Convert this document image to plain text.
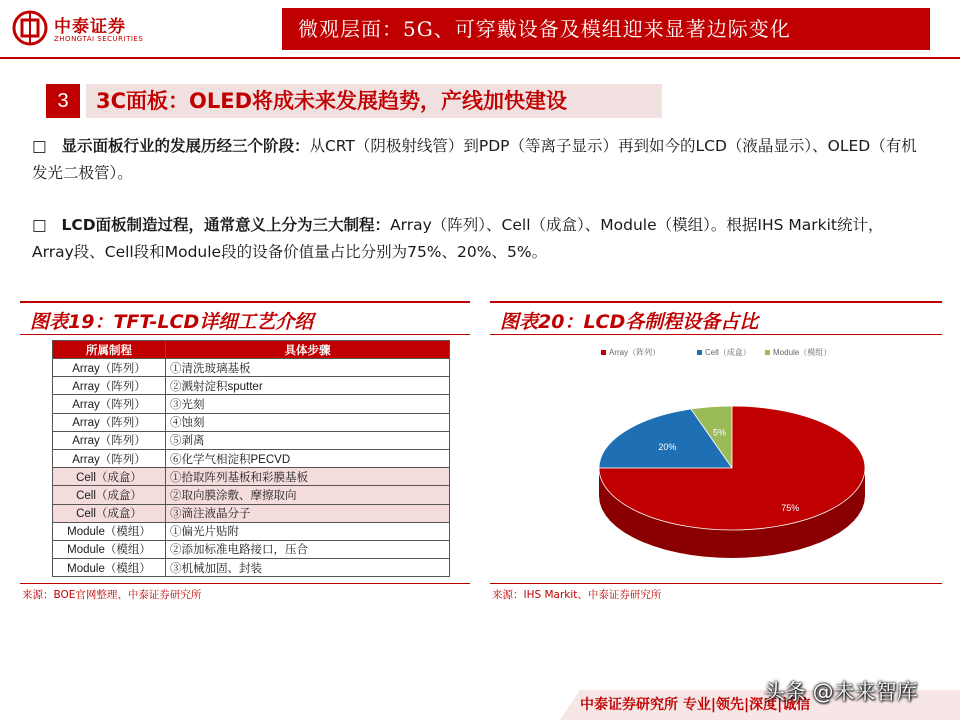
中泰证券
ZHONGTAI SECURITIES	微观层面：5G、可穿戴设备及模组迎来显著边际变化
3	3C面板：OLED将成未来发展趋势，产线加快建设
□ 显示面板行业的发展历经三个阶段：从CRT（阴极射线管）到PDP（等离子显示）再到如今的LCD（液晶显示）、OLED（有机发光二极管）。
□ LCD面板制造过程，通常意义上分为三大制程：Array（阵列）、Cell（成盒）、Module（模组）。根据IHS Markit统计，Array段、Cell段和Module段的设备价值量占比分别为75%、20%、5%。
图表19：TFT-LCD详细工艺介绍
所属制程	具体步骤
Array（阵列）	①清洗玻璃基板
Array（阵列）	②溅射淀积sputter
Array（阵列）	③光刻
Array（阵列）	④蚀刻
Array（阵列）	⑤剥离
Array（阵列）	⑥化学气相淀积PECVD
Cell（成盒）	①拾取阵列基板和彩膜基板
Cell（成盒）	②取向膜涂敷、摩擦取向
Cell（成盒）	③滴注液晶分子
Module（模组）	①偏光片贴附
Module（模组）	②添加标准电路接口，压合
Module（模组）	③机械加固、封装
来源：BOE官网整理、中泰证券研究所
图表20：LCD各制程设备占比
Array（阵列）	Cell（成盒）	Module（模组）
5%
20%
75%
来源：IHS Markit、中泰证券研究所
中泰证券研究所 专业|领先|深度|诚信
头条 @未来智库
